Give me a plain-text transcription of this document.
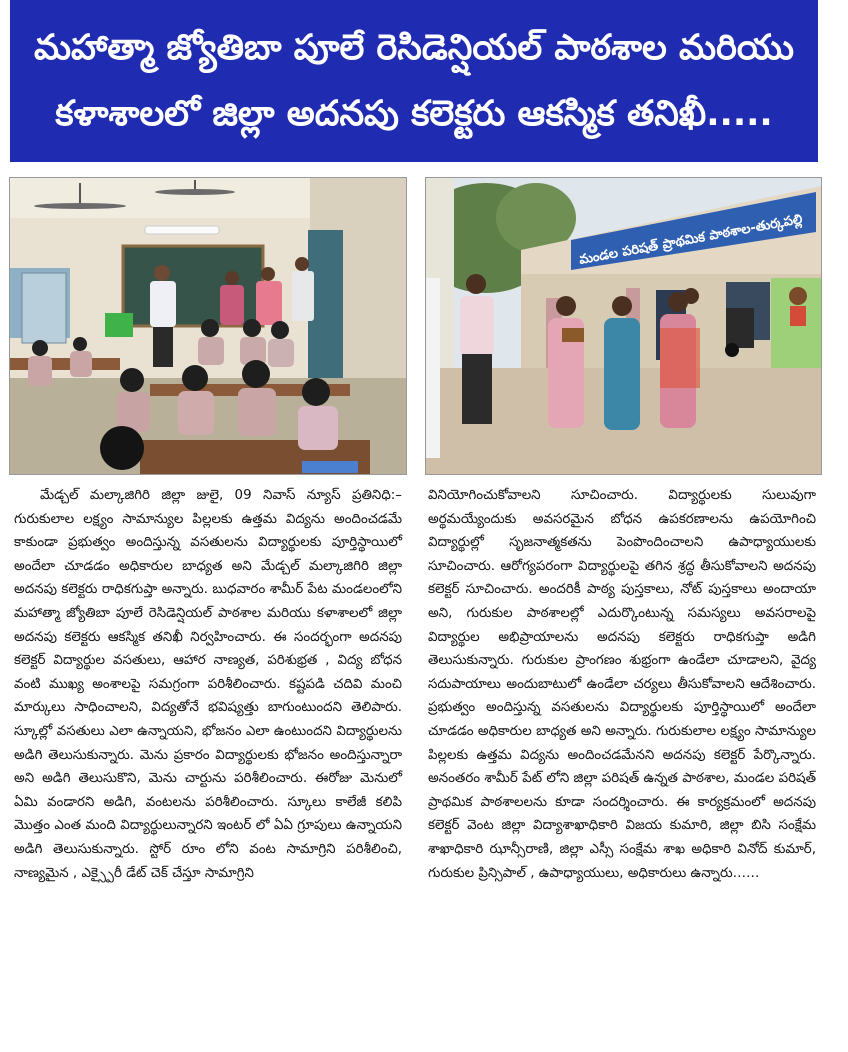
మహాత్మా జ్యోతిబా పూలే రెసిడెన్షియల్ పాఠశాల మరియు
కళాశాలలో జిల్లా అదనపు కలెక్టరు ఆకస్మిక తనిఖీ.....
మండల పరిషత్ ప్రాథమిక పాఠశాల-తుర్కపల్లి

మేడ్చల్ మల్కాజిగిరి జిల్లా జులై, 09 నివాస్ న్యూస్ ప్రతినిధి:– గురుకులాల లక్ష్యం సామాన్యుల పిల్లలకు ఉత్తమ విద్యను అందించడమే కాకుండా ప్రభుత్వం అందిస్తున్న వసతులను విద్యార్థులకు పూర్తిస్థాయిలో అందేలా చూడడం అధికారుల బాధ్యత అని మేడ్చల్ మల్కాజిగిరి జిల్లా అదనపు కలెక్టరు రాధికగుప్తా అన్నారు. బుధవారం శామీర్ పేట మండలంలోని మహాత్మా జ్యోతిబా పూలే రెసిడెన్షియల్ పాఠశాల మరియు కళాశాలలో జిల్లా అదనపు కలెక్టరు ఆకస్మిక తనిఖీ నిర్వహించారు. ఈ సందర్భంగా అదనపు కలెక్టర్ విద్యార్థుల వసతులు, ఆహార నాణ్యత, పరిశుభ్రత , విద్య బోధన వంటి ముఖ్య అంశాలపై సమగ్రంగా పరిశీలించారు. కష్టపడి చదివి మంచి మార్కులు సాధించాలని, విద్యతోనే భవిష్యత్తు బాగుంటుందని తెలిపారు. స్కూల్లో వసతులు ఎలా ఉన్నాయని, భోజనం ఎలా ఉంటుందని విద్యార్థులను అడిగి తెలుసుకున్నారు. మెను ప్రకారం విద్యార్థులకు భోజనం అందిస్తున్నారా అని అడిగి తెలుసుకొని, మెను చార్టును పరిశీలించారు. ఈరోజు మెనులో ఏమి వండారని అడిగి, వంటలను పరిశీలించారు. స్కూలు కాలేజీ కలిపి మొత్తం ఎంత మంది విద్యార్థులున్నారని ఇంటర్ లో ఏఏ గ్రూపులు ఉన్నాయని అడిగి తెలుసుకున్నారు. స్టోర్ రూం లోని వంట సామాగ్రిని పరిశీలించి, నాణ్యమైన , ఎక్స్పైరీ డేట్ చెక్ చేస్తూ సామాగ్రిని

వినియోగించుకోవాలని సూచించారు. విద్యార్థులకు సులువుగా అర్థమయ్యేందుకు అవసరమైన బోధన ఉపకరణాలను ఉపయోగించి విద్యార్థుల్లో సృజనాత్మకతను పెంపొందించాలని ఉపాధ్యాయులకు సూచించారు. ఆరోగ్యపరంగా విద్యార్థులపై తగిన శ్రద్ధ తీసుకోవాలని అదనపు కలెక్టర్ సూచించారు. అందరికీ పాఠ్య పుస్తకాలు, నోట్ పుస్తకాలు అందాయా అని, గురుకుల పాఠశాలల్లో ఎదుర్కొంటున్న సమస్యలు అవసరాలపై విద్యార్థుల అభిప్రాయాలను అదనపు కలెక్టరు రాధికగుప్తా అడిగి తెలుసుకున్నారు. గురుకుల ప్రాంగణం శుభ్రంగా ఉండేలా చూడాలని, వైద్య సదుపాయాలు అందుబాటులో ఉండేలా చర్యలు తీసుకోవాలని ఆదేశించారు. ప్రభుత్వం అందిస్తున్న వసతులను విద్యార్థులకు పూర్తిస్థాయిలో అందేలా చూడడం అధికారుల బాధ్యత అని అన్నారు. గురుకులాల లక్ష్యం సామాన్యుల పిల్లలకు ఉత్తమ విద్యను అందించడమేనని అదనపు కలెక్టర్ పేర్కొన్నారు. అనంతరం శామీర్ పేట్ లోని జిల్లా పరిషత్ ఉన్నత పాఠశాల, మండల పరిషత్ ప్రాథమిక పాఠశాలలను కూడా సందర్శించారు. ఈ కార్యక్రమంలో అదనపు కలెక్టర్ వెంట జిల్లా విద్యాశాఖాధికారి విజయ కుమారి, జిల్లా బిసి సంక్షేమ శాఖాధికారి ఝాన్సీరాణి, జిల్లా ఎస్సీ సంక్షేమ శాఖ అధికారి వినోద్ కుమార్, గురుకుల ప్రిన్సిపాల్ , ఉపాధ్యాయులు, అధికారులు ఉన్నారు……
